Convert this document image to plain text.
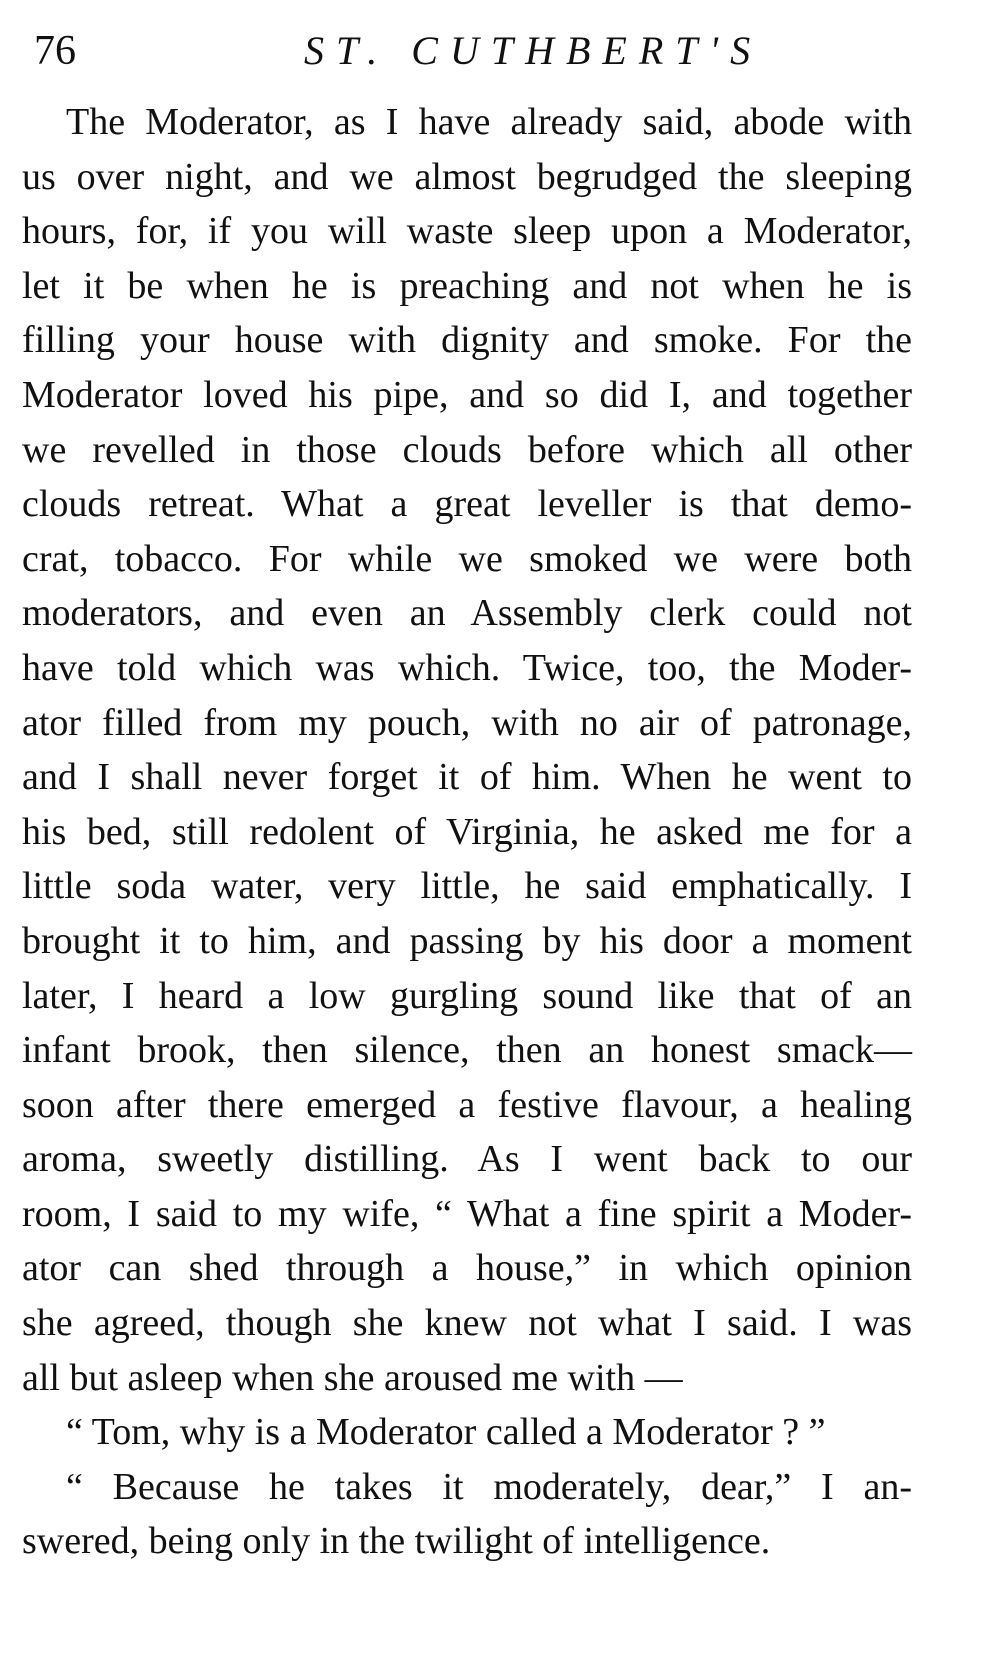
76	ST. CUTHBERT'S
The Moderator, as I have already said, abode with
us over night, and we almost begrudged the sleeping
hours, for, if you will waste sleep upon a Moderator,
let it be when he is preaching and not when he is
filling your house with dignity and smoke. For the
Moderator loved his pipe, and so did I, and together
we revelled in those clouds before which all other
clouds retreat. What a great leveller is that demo-
crat, tobacco. For while we smoked we were both
moderators, and even an Assembly clerk could not
have told which was which. Twice, too, the Moder-
ator filled from my pouch, with no air of patronage,
and I shall never forget it of him. When he went to
his bed, still redolent of Virginia, he asked me for a
little soda water, very little, he said emphatically. I
brought it to him, and passing by his door a moment
later, I heard a low gurgling sound like that of an
infant brook, then silence, then an honest smack—
soon after there emerged a festive flavour, a healing
aroma, sweetly distilling. As I went back to our
room, I said to my wife, “ What a fine spirit a Moder-
ator can shed through a house,” in which opinion
she agreed, though she knew not what I said. I was
all but asleep when she aroused me with —
“ Tom, why is a Moderator called a Moderator ? ”
“ Because he takes it moderately, dear,” I an-
swered, being only in the twilight of intelligence.
